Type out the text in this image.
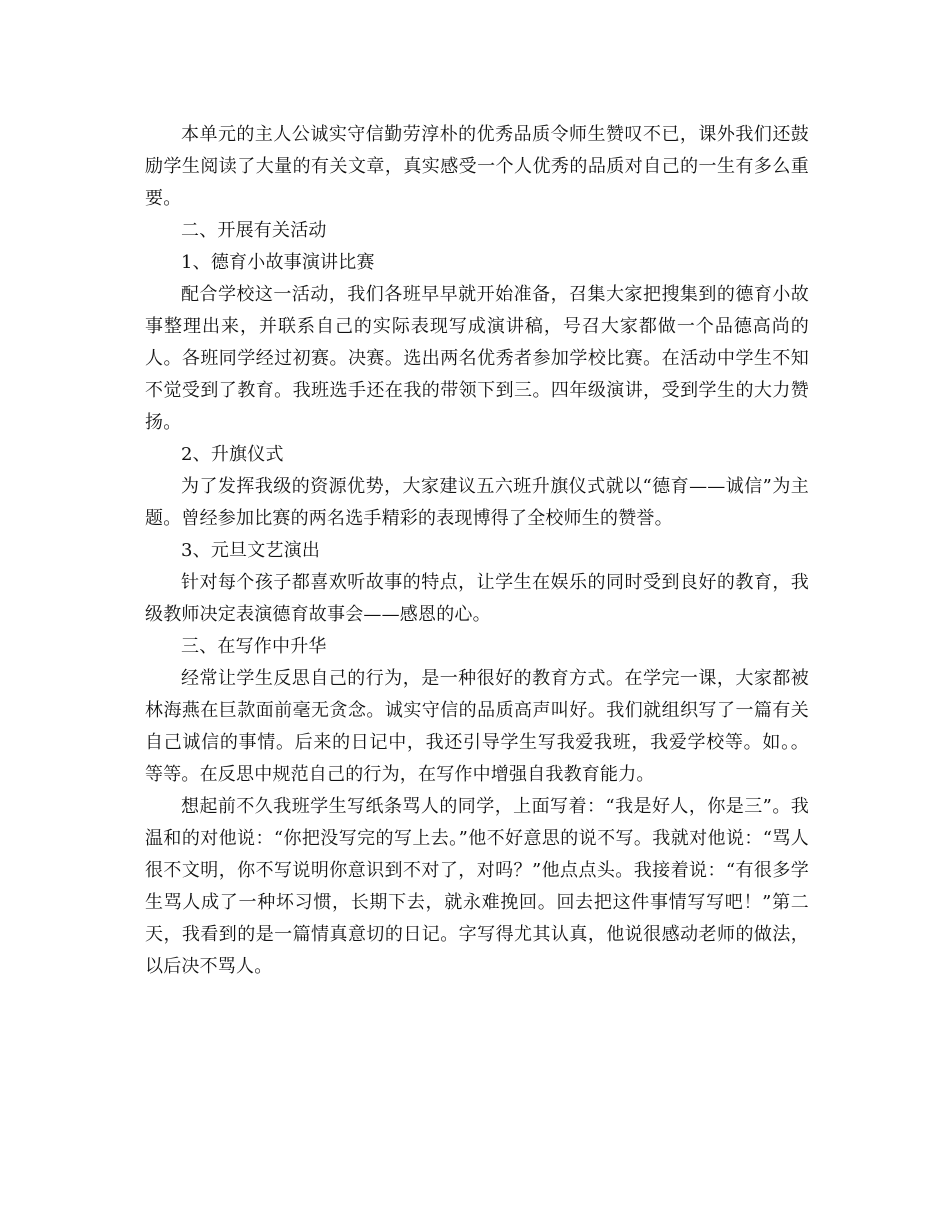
本单元的主人公诚实守信勤劳淳朴的优秀品质令师生赞叹不已，课外我们还鼓励学生阅读了大量的有关文章，真实感受一个人优秀的品质对自己的一生有多么重要。

二、开展有关活动

1、德育小故事演讲比赛

配合学校这一活动，我们各班早早就开始准备，召集大家把搜集到的德育小故事整理出来，并联系自己的实际表现写成演讲稿，号召大家都做一个品德高尚的人。各班同学经过初赛。决赛。选出两名优秀者参加学校比赛。在活动中学生不知不觉受到了教育。我班选手还在我的带领下到三。四年级演讲，受到学生的大力赞扬。

2、升旗仪式

为了发挥我级的资源优势，大家建议五六班升旗仪式就以“德育——诚信”为主题。曾经参加比赛的两名选手精彩的表现博得了全校师生的赞誉。

3、元旦文艺演出

针对每个孩子都喜欢听故事的特点，让学生在娱乐的同时受到良好的教育，我级教师决定表演德育故事会——感恩的心。

三、在写作中升华

经常让学生反思自己的行为，是一种很好的教育方式。在学完一课，大家都被林海燕在巨款面前毫无贪念。诚实守信的品质高声叫好。我们就组织写了一篇有关自己诚信的事情。后来的日记中，我还引导学生写我爱我班，我爱学校等。如。。等等。在反思中规范自己的行为，在写作中增强自我教育能力。

想起前不久我班学生写纸条骂人的同学，上面写着：“我是好人，你是三”。我温和的对他说：“你把没写完的写上去。”他不好意思的说不写。我就对他说：“骂人很不文明，你不写说明你意识到不对了，对吗？”他点点头。我接着说：“有很多学生骂人成了一种坏习惯，长期下去，就永难挽回。回去把这件事情写写吧！”第二天，我看到的是一篇情真意切的日记。字写得尤其认真，他说很感动老师的做法，以后决不骂人。
